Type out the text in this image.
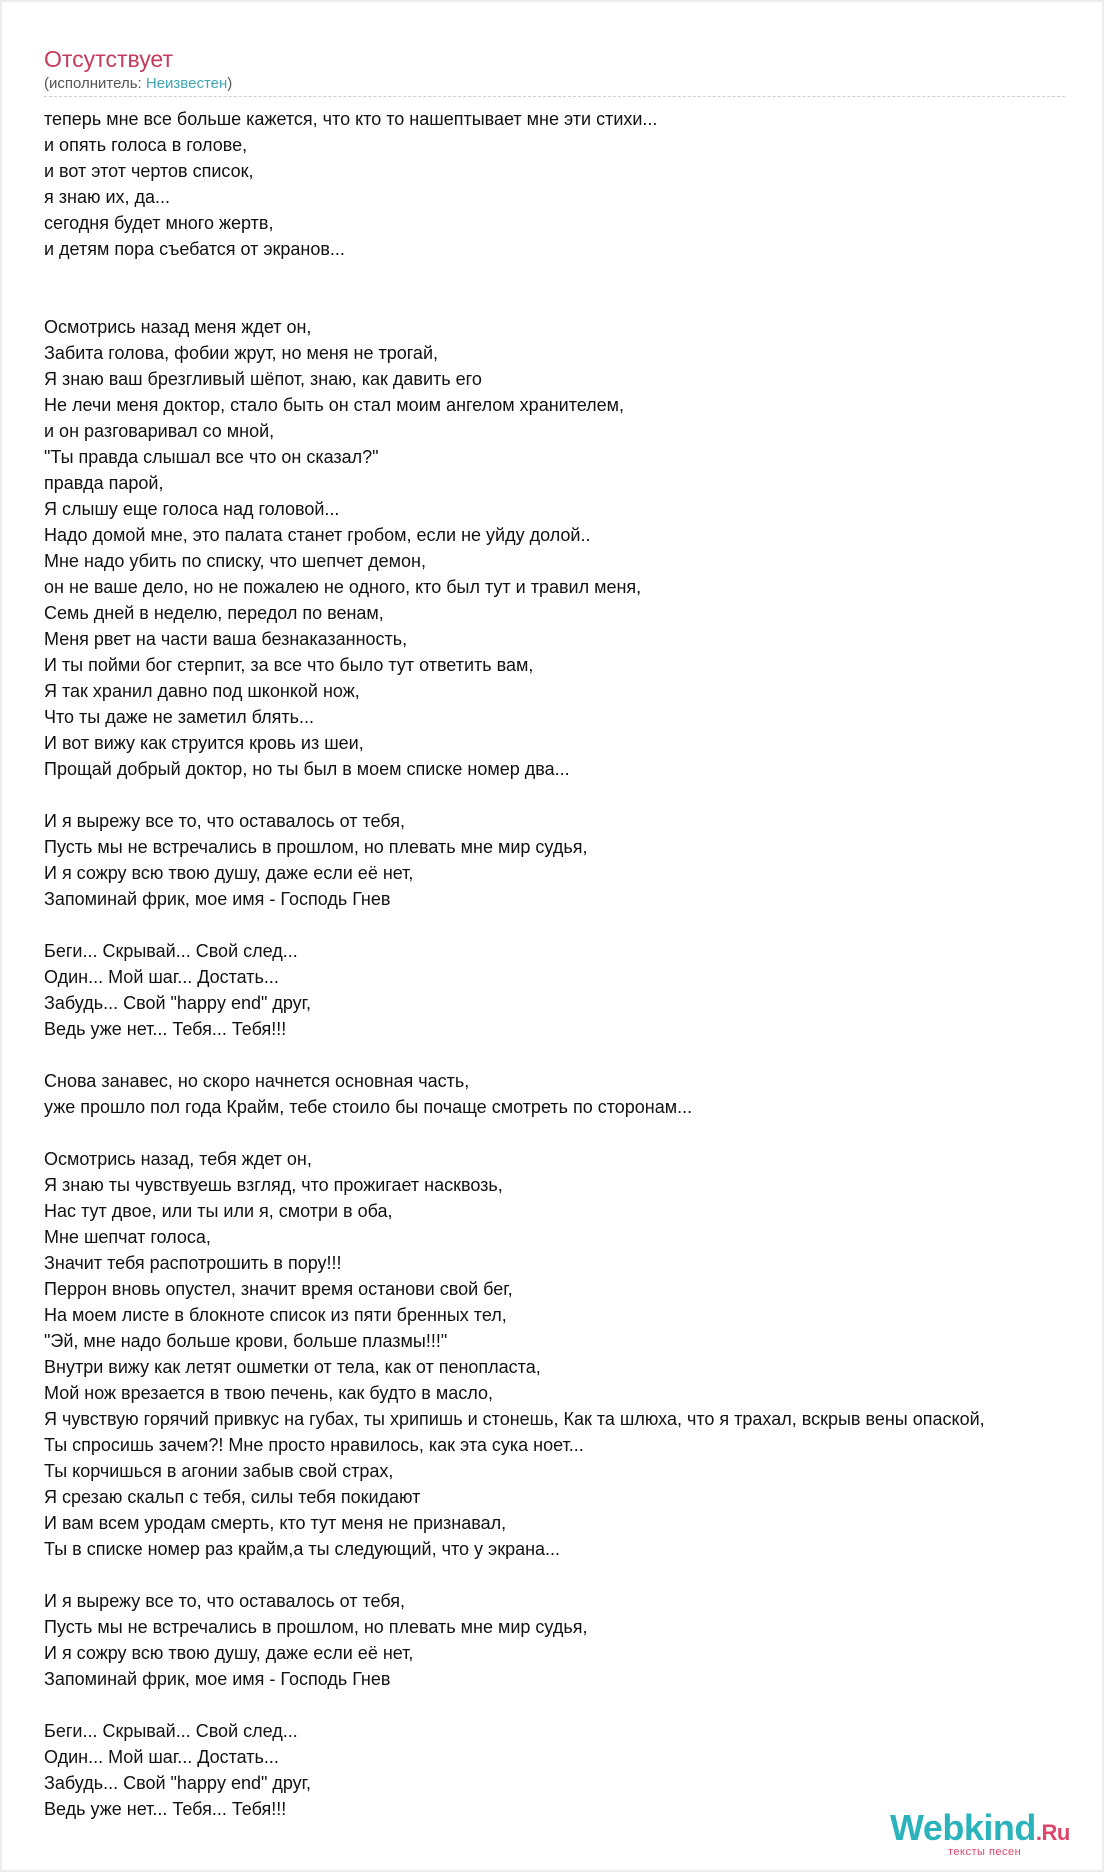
Отсутствует
(исполнитель: Неизвестен)
теперь мне все больше кажется, что кто то нашептывает мне эти стихи...
и опять голоса в голове,
и вот этот чертов список,
я знаю их, да...
сегодня будет много жертв,
и детям пора съебатся от экранов...
Осмотрись назад меня ждет он,
Забита голова, фобии жрут, но меня не трогай,
Я знаю ваш брезгливый шёпот, знаю, как давить его
Не лечи меня доктор, стало быть он стал моим ангелом хранителем,
и он разговаривал со мной,
"Ты правда слышал все что он сказал?"
правда парой,
Я слышу еще голоса над головой...
Надо домой мне, это палата станет гробом, если не уйду долой..
Мне надо убить по списку, что шепчет демон,
он не ваше дело, но не пожалею не одного, кто был тут и травил меня,
Семь дней в неделю, передол по венам,
Меня рвет на части ваша безнаказанность,
И ты пойми бог стерпит, за все что было тут ответить вам,
Я так хранил давно под шконкой нож,
Что ты даже не заметил блять...
И вот вижу как струится кровь из шеи,
Прощай добрый доктор, но ты был в моем списке номер два...
И я вырежу все то, что оставалось от тебя,
Пусть мы не встречались в прошлом, но плевать мне мир судья,
И я сожру всю твою душу, даже если её нет,
Запоминай фрик, мое имя - Господь Гнев
Беги... Скрывай... Свой след...
Один... Мой шаг... Достать...
Забудь... Свой "happy end" друг,
Ведь уже нет... Тебя... Тебя!!!
Снова занавес, но скоро начнется основная часть,
уже прошло пол года Крайм, тебе стоило бы почаще смотреть по сторонам...
Осмотрись назад, тебя ждет он,
Я знаю ты чувствуешь взгляд, что прожигает насквозь,
Нас тут двое, или ты или я, смотри в оба,
Мне шепчат голоса,
Значит тебя распотрошить в пору!!!
Перрон вновь опустел, значит время останови свой бег,
На моем листе в блокноте список из пяти бренных тел,
"Эй, мне надо больше крови, больше плазмы!!!"
Внутри вижу как летят ошметки от тела, как от пенопласта,
Мой нож врезается в твою печень, как будто в масло,
Я чувствую горячий привкус на губах, ты хрипишь и стонешь, Как та шлюха, что я трахал, вскрыв вены опаской,
Ты спросишь зачем?! Мне просто нравилось, как эта сука ноет...
Ты корчишься в агонии забыв свой страх,
Я срезаю скальп с тебя, силы тебя покидают
И вам всем уродам смерть, кто тут меня не признавал,
Ты в списке номер раз крайм,а ты следующий, что у экрана...
И я вырежу все то, что оставалось от тебя,
Пусть мы не встречались в прошлом, но плевать мне мир судья,
И я сожру всю твою душу, даже если её нет,
Запоминай фрик, мое имя - Господь Гнев
Беги... Скрывай... Свой след...
Один... Мой шаг... Достать...
Забудь... Свой "happy end" друг,
Ведь уже нет... Тебя... Тебя!!!	Webkind.Ru
тексты песен
